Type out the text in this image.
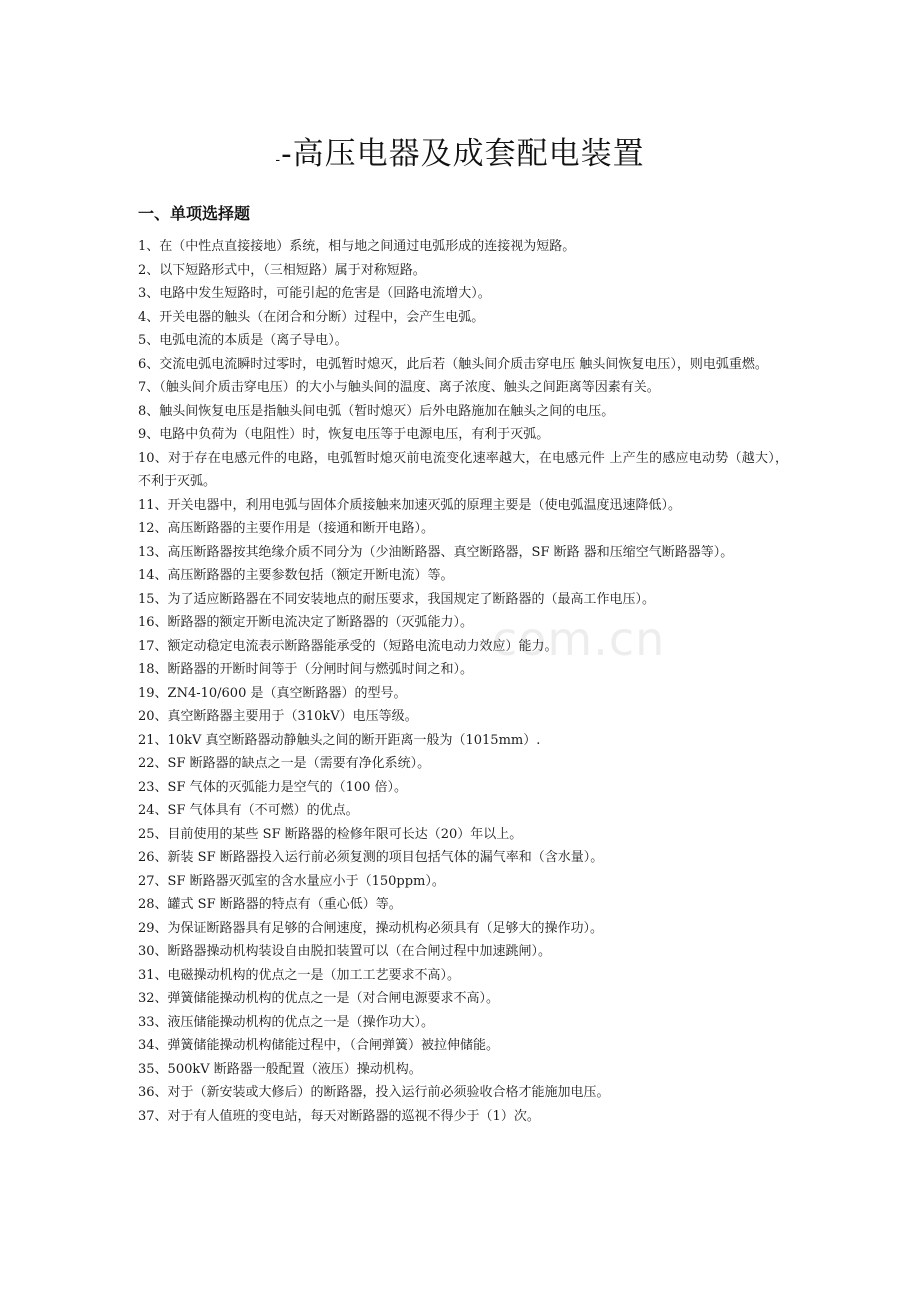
com.cn
--高压电器及成套配电装置
一、单项选择题
1、在（中性点直接接地）系统，相与地之间通过电弧形成的连接视为短路。
2、以下短路形式中，（三相短路）属于对称短路。
3、电路中发生短路时，可能引起的危害是（回路电流增大）。
4、开关电器的触头（在闭合和分断）过程中，会产生电弧。
5、电弧电流的本质是（离子导电）。
6、交流电弧电流瞬时过零时，电弧暂时熄灭，此后若（触头间介质击穿电压 触头间恢复电压），则电弧重燃。
7、（触头间介质击穿电压）的大小与触头间的温度、离子浓度、触头之间距离等因素有关。
8、触头间恢复电压是指触头间电弧（暂时熄灭）后外电路施加在触头之间的电压。
9、电路中负荷为（电阻性）时，恢复电压等于电源电压，有利于灭弧。
10、对于存在电感元件的电路，电弧暂时熄灭前电流变化速率越大，在电感元件 上产生的感应电动势（越大），不利于灭弧。
11、开关电器中，利用电弧与固体介质接触来加速灭弧的原理主要是（使电弧温度迅速降低）。
12、高压断路器的主要作用是（接通和断开电路）。
13、高压断路器按其绝缘介质不同分为（少油断路器、真空断路器，SF 断路 器和压缩空气断路器等）。
14、高压断路器的主要参数包括（额定开断电流）等。
15、为了适应断路器在不同安装地点的耐压要求，我国规定了断路器的（最高工作电压）。
16、断路器的额定开断电流决定了断路器的（灭弧能力）。
17、额定动稳定电流表示断路器能承受的（短路电流电动力效应）能力。
18、断路器的开断时间等于（分闸时间与燃弧时间之和）。
19、ZN4-10/600 是（真空断路器）的型号。
20、真空断路器主要用于（310kV）电压等级。
21、10kV 真空断路器动静触头之间的断开距离一般为（1015mm）.
22、SF 断路器的缺点之一是（需要有净化系统）。
23、SF 气体的灭弧能力是空气的（100 倍）。
24、SF 气体具有（不可燃）的优点。
25、目前使用的某些 SF 断路器的检修年限可长达（20）年以上。
26、新装 SF 断路器投入运行前必须复测的项目包括气体的漏气率和（含水量）。
27、SF 断路器灭弧室的含水量应小于（150ppm）。
28、罐式 SF 断路器的特点有（重心低）等。
29、为保证断路器具有足够的合闸速度，操动机构必须具有（足够大的操作功）。
30、断路器操动机构装设自由脱扣装置可以（在合闸过程中加速跳闸）。
31、电磁操动机构的优点之一是（加工工艺要求不高）。
32、弹簧储能操动机构的优点之一是（对合闸电源要求不高）。
33、液压储能操动机构的优点之一是（操作功大）。
34、弹簧储能操动机构储能过程中，（合闸弹簧）被拉伸储能。
35、500kV 断路器一般配置（液压）操动机构。
36、对于（新安装或大修后）的断路器，投入运行前必须验收合格才能施加电压。
37、对于有人值班的变电站，每天对断路器的巡视不得少于（1）次。
